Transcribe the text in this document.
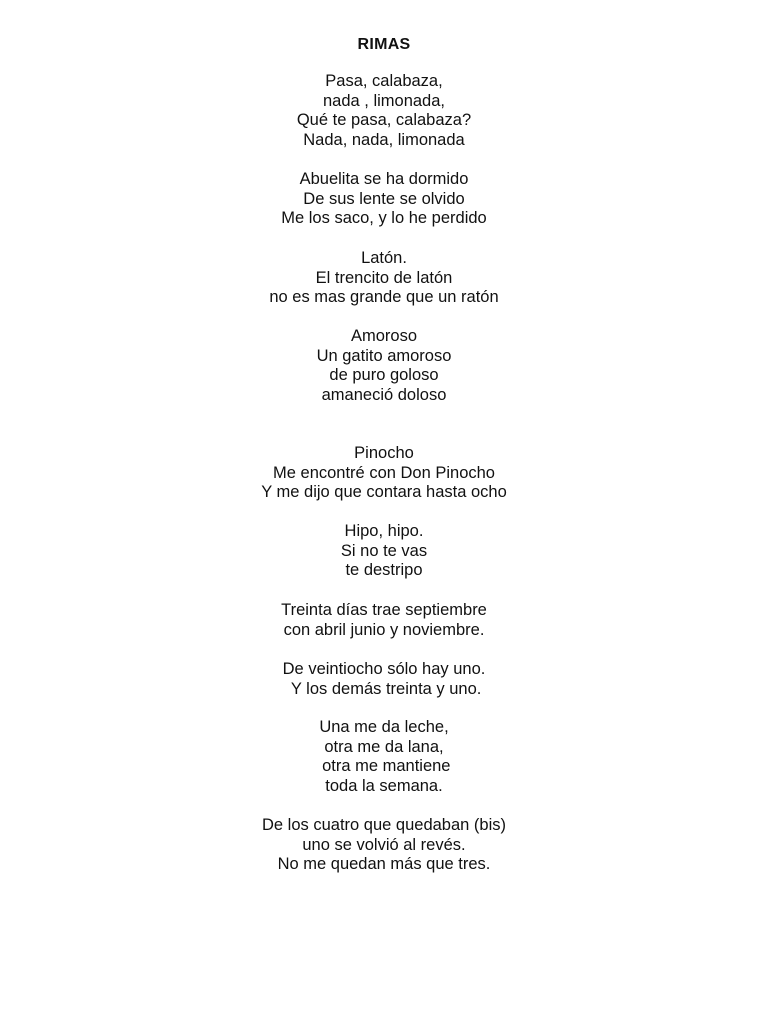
RIMAS
Pasa, calabaza,
nada , limonada,
Qué te pasa, calabaza?
Nada, nada, limonada
Abuelita se ha dormido
De sus lente se olvido
Me los saco, y lo he perdido
Latón.
El trencito de latón
no es mas grande que un ratón
Amoroso
Un gatito amoroso
de puro goloso
amaneció doloso
Pinocho
Me encontré con Don Pinocho
Y me dijo que contara hasta ocho
Hipo, hipo.
Si no te vas
te destripo
Treinta días trae septiembre
con abril junio y noviembre.
De veintiocho sólo hay uno.
Y los demás treinta y uno.
Una me da leche,
otra me da lana,
otra me mantiene
toda la semana.
De los cuatro que quedaban (bis)
uno se volvió al revés.
No me quedan más que tres.
